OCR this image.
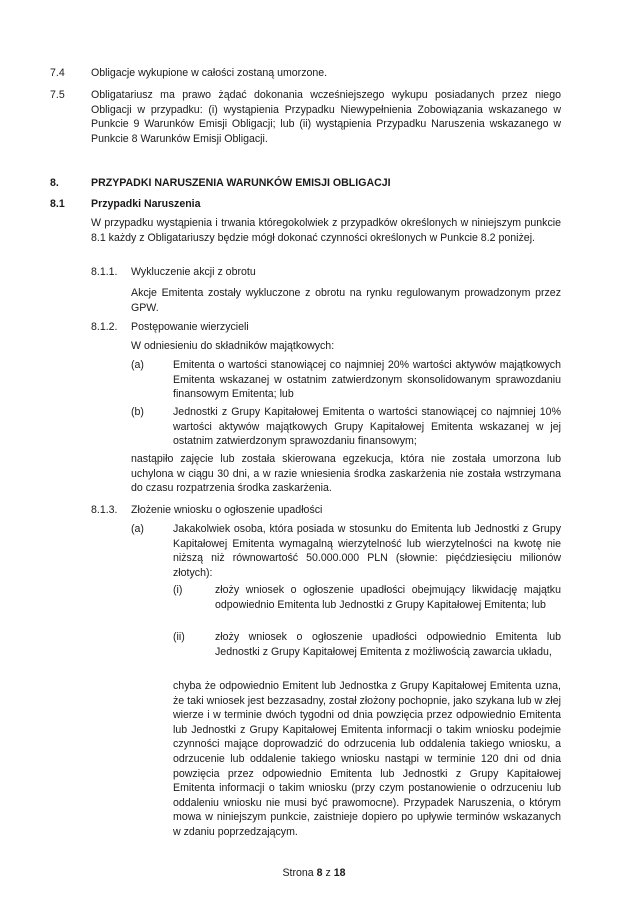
7.4 Obligacje wykupione w całości zostaną umorzone.

7.5 Obligatariusz ma prawo żądać dokonania wcześniejszego wykupu posiadanych przez niego Obligacji w przypadku: (i) wystąpienia Przypadku Niewypełnienia Zobowiązania wskazanego w Punkcie 9 Warunków Emisji Obligacji; lub (ii) wystąpienia Przypadku Naruszenia wskazanego w Punkcie 8 Warunków Emisji Obligacji.

8.	PRZYPADKI NARUSZENIA WARUNKÓW EMISJI OBLIGACJI
8.1 Przypadki Naruszenia

W przypadku wystąpienia i trwania któregokolwiek z przypadków określonych w niniejszym punkcie 8.1 każdy z Obligatariuszy będzie mógł dokonać czynności określonych w Punkcie 8.2 poniżej.

8.1.1. Wykluczenie akcji z obrotu

Akcje Emitenta zostały wykluczone z obrotu na rynku regulowanym prowadzonym przez GPW.

8.1.2. Postępowanie wierzycieli
W odniesieniu do składników majątkowych:
(a)	Emitenta o wartości stanowiącej co najmniej 20% wartości aktywów majątkowych Emitenta wskazanej w ostatnim zatwierdzonym skonsolidowanym sprawozdaniu finansowym Emitenta; lub

(b)	Jednostki z Grupy Kapitałowej Emitenta o wartości stanowiącej co najmniej 10% wartości aktywów majątkowych Grupy Kapitałowej Emitenta wskazanej w jej ostatnim zatwierdzonym sprawozdaniu finansowym;

nastąpiło zajęcie lub została skierowana egzekucja, która nie została umorzona lub uchylona w ciągu 30 dni, a w razie wniesienia środka zaskarżenia nie została wstrzymana do czasu rozpatrzenia środka zaskarżenia.

8.1.3. Złożenie wniosku o ogłoszenie upadłości
(a)	Jakakolwiek osoba, która posiada w stosunku do Emitenta lub Jednostki z Grupy Kapitałowej Emitenta wymagalną wierzytelność lub wierzytelności na kwotę nie niższą niż równowartość 50.000.000 PLN (słownie: pięćdziesięciu milionów złotych):

(i)	złoży wniosek o ogłoszenie upadłości obejmujący likwidację majątku odpowiednio Emitenta lub Jednostki z Grupy Kapitałowej Emitenta; lub

(ii)	złoży wniosek o ogłoszenie upadłości odpowiednio Emitenta lub Jednostki z Grupy Kapitałowej Emitenta z możliwością zawarcia układu,

chyba że odpowiednio Emitent lub Jednostka z Grupy Kapitałowej Emitenta uzna, że taki wniosek jest bezzasadny, został złożony pochopnie, jako szykana lub w złej wierze i w terminie dwóch tygodni od dnia powzięcia przez odpowiednio Emitenta lub Jednostki z Grupy Kapitałowej Emitenta informacji o takim wniosku podejmie czynności mające doprowadzić do odrzucenia lub oddalenia takiego wniosku, a odrzucenie lub oddalenie takiego wniosku nastąpi w terminie 120 dni od dnia powzięcia przez odpowiednio Emitenta lub Jednostki z Grupy Kapitałowej Emitenta informacji o takim wniosku (przy czym postanowienie o odrzuceniu lub oddaleniu wniosku nie musi być prawomocne). Przypadek Naruszenia, o którym mowa w niniejszym punkcie, zaistnieje dopiero po upływie terminów wskazanych w zdaniu poprzedzającym.

Strona 8 z 18
